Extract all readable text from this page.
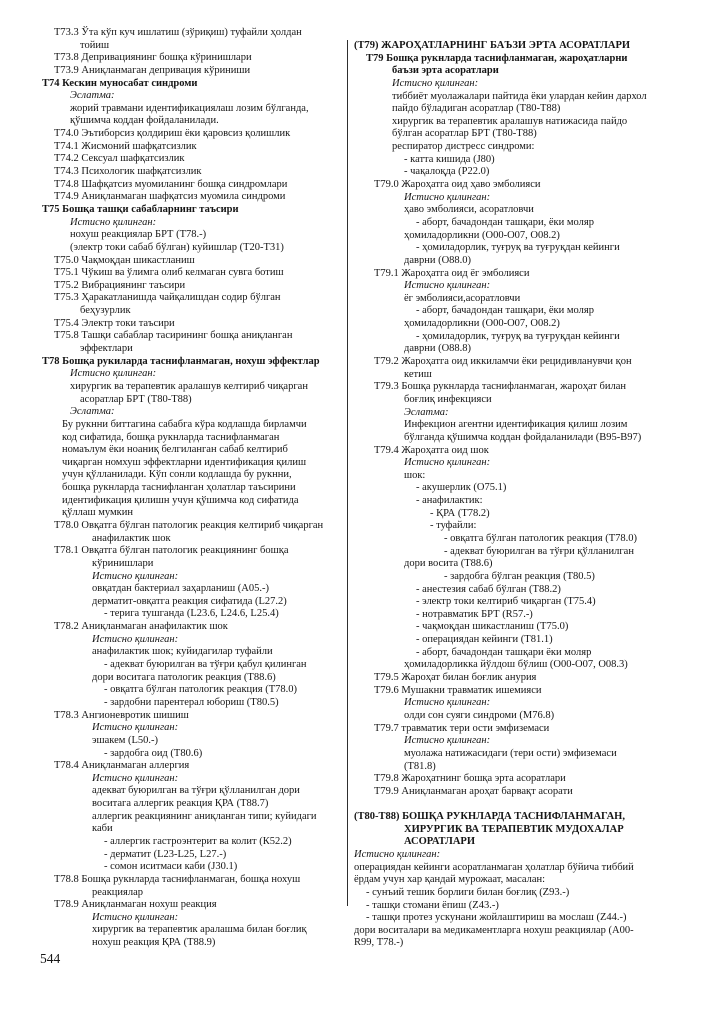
Т73.3 Ўта кўп куч ишлатиш (зўриқиш) туфайли ҳолдан
тойиш
Т73.8 Депривациянинг бошқа кўринишлари
Т73.9 Аниқланмаган депривация кўриниши
Т74 Кескин муносабат синдроми
Эслатма:
жорий травмани идентификациялаш лозим бўлганда,
қўшимча коддан фойдаланилади.
Т74.0 Эътиборсиз қолдириш ёки қаровсиз қолишлик
Т74.1 Жисмоний шафқатсизлик
Т74.2 Сексуал шафқатсизлик
Т74.3 Психологик шафқатсизлик
Т74.8 Шафқатсиз муомиланинг бошқа синдромлари
Т74.9 Аниқланмаган шафқатсиз муомила синдроми
Т75 Бошқа ташқи сабабларнинг таъсири
Истисно қилинган:
нохуш реакциялар БРТ (Т78.-)
(электр токи сабаб бўлган) куйишлар (Т20-Т31)
Т75.0 Чақмоқдан шикастланиш
Т75.1 Чўкиш ва ўлимга олиб келмаган сувга ботиш
Т75.2 Вибрациянинг таъсири
Т75.3 Ҳаракатланишда чайқалишдан содир бўлган
беҳузурлик
Т75.4 Электр токи таъсири
Т75.8 Ташқи сабаблар тасирининг бошқа аниқланган
эффектлари
Т78 Бошқа рукиларда таснифланмаган, нохуш эффектлар
Истисно қилинган:
хирургик ва терапевтик аралашув келтириб чиқарган
асоратлар БРТ (Т80-Т88)
Эслатма:
Бу рукнни биттагина сабабга кўра кодлашда бирламчи
код сифатида, бошқа рукнларда таснифланмаган
номаълум ёки ноаниқ белгиланган сабаб келтириб
чиқарган номхуш эффектларни идентификация қилиш
учун қўлланилади. Кўп сонли кодлашда бу рукнни,
бошқа рукнларда таснифланган ҳолатлар таъсирини
идентификация қилишн учун қўшимча код сифатида
қўллаш мумкин
Т78.0 Овқатга бўлган патологик реакция келтириб чиқарган
анафилактик шок
Т78.1 Овқатга бўлган патологик реакциянинг бошқа
кўринишлари
Истисно қилинган:
овқатдан бактериал заҳарланиш (А05.-)
дерматит-овқатга реакция сифатида (L27.2)
- терига тушганда (L23.6, L24.6, L25.4)
Т78.2 Аниқланмаган анафилактик шок
Истисно қилинган:
анафилактик шок; куйидагилар туфайли
- адекват буюрилган ва тўғри қабул қилинган
дори воситага патологик реакция (Т88.6)
- овқатга бўлган патологик реакция (Т78.0)
- зардобни парентерал юбориш (Т80.5)
Т78.3 Ангионевротик шишиш
Истисно қилинган:
эшакем (L50.-)
- зардобга оид (Т80.6)
Т78.4 Аниқланмаган аллергия
Истисно қилинган:
адекват буюрилган ва тўғри қўлланилган дори
воситага аллергик реакция ҚРА (Т88.7)
аллергик реакциянинг аниқланган типи; куйидаги
каби
- аллергик гастроэнтерит ва колит (К52.2)
- дерматит (L23-L25, L27.-)
- сомон иситмаси каби (J30.1)
Т78.8 Бошқа рукнларда таснифланмаган, бошқа нохуш
реакциялар
Т78.9 Аниқланмаган нохуш реакция
Истисно қилинган:
хирургик ва терапевтик аралашма билан боғлиқ
нохуш реакция ҚРА (Т88.9)
(Т79) ЖАРОҲАТЛАРНИНГ БАЪЗИ ЭРТА АСОРАТЛАРИ
Т79 Бошқа рукнларда таснифланмаган, жароҳатларни
баъзи эрта асоратлари
Истисно қилинган:
тиббиёт муолажалари пайтида ёки улардан кейин дархол
пайдо бўладиган асоратлар (Т80-Т88)
хирургик ва терапевтик аралашув натижасида пайдо
бўлган асоратлар БРТ (Т80-Т88)
респиратор дистресс синдроми:
- катта кишида (J80)
- чақалоқда (Р22.0)
Т79.0 Жароҳатга оид ҳаво эмболияси
Истисно қилинган:
ҳаво эмболияси, асоратловчи
- аборт, бачадондан ташқари, ёки моляр
ҳомиладорликни (О00-О07, О08.2)
- ҳомиладорлик, туғруқ ва туғруқдан кейинги
даврни (О88.0)
Т79.1 Жароҳатга оид ёг эмболияси
Истисно қилинган:
ёг эмболияси,асоратловчи
- аборт, бачадондан ташқари, ёки моляр
ҳомиладорликни (О00-О07, О08.2)
- ҳомиладорлик, туғруқ ва туғруқдан кейинги
даврни (О88.8)
Т79.2 Жароҳатга оид иккиламчи ёки рецидивланувчи қон
кетиш
Т79.3 Бошқа рукнларда таснифланмаган, жароҳат билан
боғлиқ инфекцияси
Эслатма:
Инфекцион агентни идентификация қилиш лозим
бўлганда қўшимча коддан фойдаланилади (В95-В97)
Т79.4 Жароҳатга оид шок
Истисно қилинган:
шок:
- акушерлик (О75.1)
- анафилактик:
- ҚРА (Т78.2)
- туфайли:
- овқатга бўлган патологик реакция (Т78.0)
- адекват буюрилган ва тўғри қўлланилган
дори восита (Т88.6)
- зардобга бўлган реакция (Т80.5)
- анестезия сабаб бўлган (Т88.2)
- электр токи келтириб чиқарган (Т75.4)
- нотравматик БРТ (R57.-)
- чақмоқдан шикастланиш (Т75.0)
- операциядан кейинги (Т81.1)
- аборт, бачадондан ташқари ёки моляр
ҳомиладорликка йўлдош бўлиш (О00-О07, О08.3)
Т79.5 Жароҳат билан боғлик анурия
Т79.6 Мушакни травматик ишемияси
Истисно қилинган:
олди сон суяги синдроми (М76.8)
Т79.7 травматик тери ости эмфиземаси
Истисно қилинган:
муолажа натижасидаги (тери ости) эмфиземаси
(Т81.8)
Т79.8 Жароҳатнинг бошқа эрта асоратлари
Т79.9 Аниқланмаган ароҳат барвақт асорати
(Т80-Т88) БОШҚА РУКНЛАРДА ТАСНИФЛАНМАГАН,
ХИРУРГИК ВА ТЕРАПЕВТИК МУДОХАЛАР
АСОРАТЛАРИ
Истисно қилинган:
операциядан кейинги асоратланмаган ҳолатлар бўйича тиббий
ёрдам учун хар қандай мурожаат, масалан:
- сунъий тешик борлиги билан боғлиқ (Z93.-)
- ташқи стомани ёпиш (Z43.-)
- ташқи протез ускунани жойлаштириш ва мослаш (Z44.-)
дори воситалари ва медикаментларга нохуш реакциялар (А00-
R99, Т78.-)
544
